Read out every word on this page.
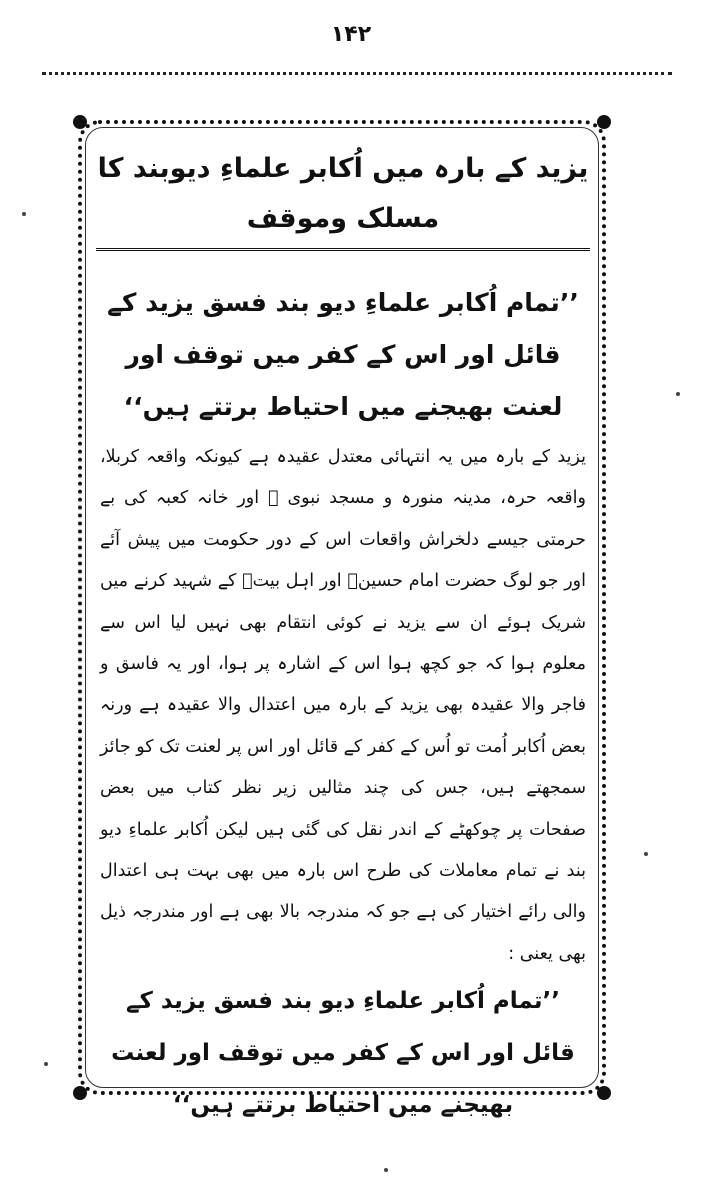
۱۴۲
یزید کے بارہ میں اُکابر علماءِ دیوبند کا مسلک وموقف
’’تمام اُکابر علماءِ دیو بند فسق یزید کے قائل اور اس کے کفر میں توقف اور لعنت بھیجنے میں احتیاط برتتے ہیں‘‘
یزید کے بارہ میں یہ انتہائی معتدل عقیدہ ہے کیونکہ واقعہ کربلا، واقعہ حرہ، مدینہ منورہ و مسجد نبوی ﷺ اور خانہ کعبہ کی بے حرمتی جیسے دلخراش واقعات اس کے دور حکومت میں پیش آئے اور جو لوگ حضرت امام حسینؓ اور اہل بیتؓ کے شہید کرنے میں شریک ہوئے ان سے یزید نے کوئی انتقام بھی نہیں لیا اس سے معلوم ہوا کہ جو کچھ ہوا اس کے اشارہ پر ہوا، اور یہ فاسق و فاجر والا عقیدہ بھی یزید کے بارہ میں اعتدال والا عقیدہ ہے ورنہ بعض اُکابر اُمت تو اُس کے کفر کے قائل اور اس پر لعنت تک کو جائز سمجھتے ہیں، جس کی چند مثالیں زیر نظر کتاب میں بعض صفحات پر چوکھٹے کے اندر نقل کی گئی ہیں لیکن اُکابر علماءِ دیو بند نے تمام معاملات کی طرح اس بارہ میں بھی بہت ہی اعتدال والی رائے اختیار کی ہے جو کہ مندرجہ بالا بھی ہے اور مندرجہ ذیل بھی یعنی :
’’تمام اُکابر علماءِ دیو بند فسق یزید کے قائل اور اس کے کفر میں توقف اور لعنت بھیجنے میں احتیاط برتتے ہیں‘‘
